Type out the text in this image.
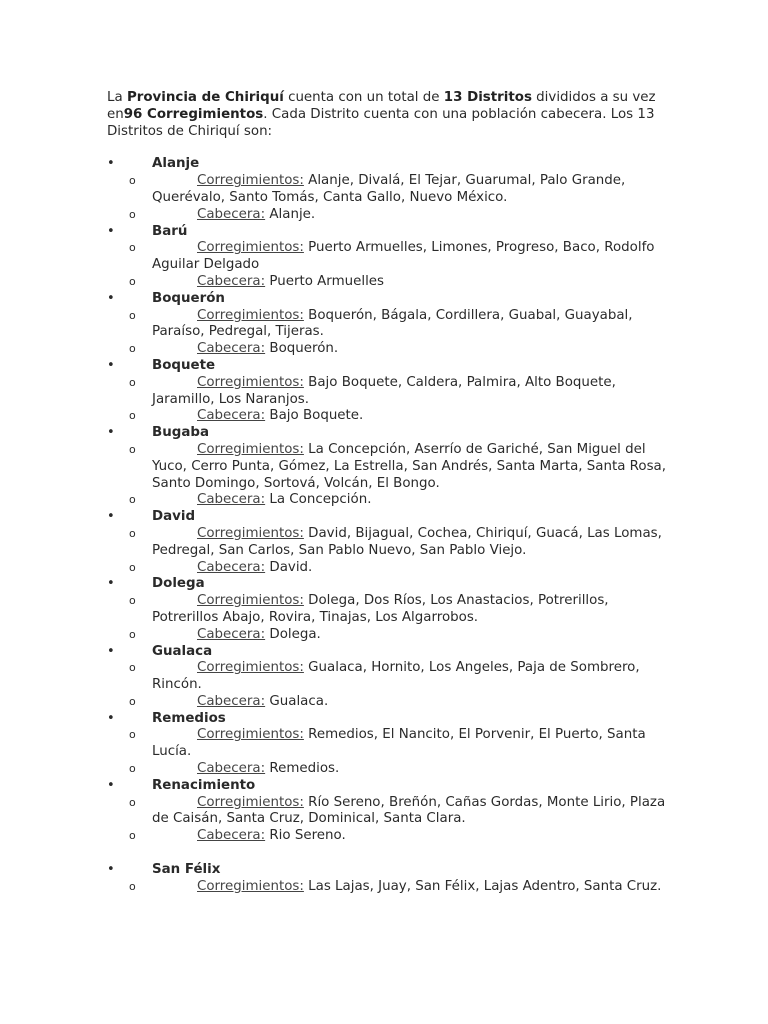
La Provincia de Chiriquí cuenta con un total de 13 Distritos divididos a su vez en96 Corregimientos. Cada Distrito cuenta con una población cabecera. Los 13 Distritos de Chiriquí son:

•	Alanje
o	Corregimientos: Alanje, Divalá, El Tejar, Guarumal, Palo Grande, Querévalo, Santo Tomás, Canta Gallo, Nuevo México.
o	Cabecera: Alanje.
•	Barú
o	Corregimientos: Puerto Armuelles, Limones, Progreso, Baco, Rodolfo Aguilar Delgado
o	Cabecera: Puerto Armuelles
•	Boquerón
o	Corregimientos: Boquerón, Bágala, Cordillera, Guabal, Guayabal, Paraíso, Pedregal, Tijeras.
o	Cabecera: Boquerón.
•	Boquete
o	Corregimientos: Bajo Boquete, Caldera, Palmira, Alto Boquete, Jaramillo, Los Naranjos.
o	Cabecera: Bajo Boquete.
•	Bugaba
o	Corregimientos: La Concepción, Aserrío de Gariché, San Miguel del Yuco, Cerro Punta, Gómez, La Estrella, San Andrés, Santa Marta, Santa Rosa, Santo Domingo, Sortová, Volcán, El Bongo.
o	Cabecera: La Concepción.
•	David
o	Corregimientos: David, Bijagual, Cochea, Chiriquí, Guacá, Las Lomas, Pedregal, San Carlos, San Pablo Nuevo, San Pablo Viejo.
o	Cabecera: David.
•	Dolega
o	Corregimientos: Dolega, Dos Ríos, Los Anastacios, Potrerillos, Potrerillos Abajo, Rovira, Tinajas, Los Algarrobos.
o	Cabecera: Dolega.
•	Gualaca
o	Corregimientos: Gualaca, Hornito, Los Angeles, Paja de Sombrero, Rincón.
o	Cabecera: Gualaca.
•	Remedios
o	Corregimientos: Remedios, El Nancito, El Porvenir, El Puerto, Santa Lucía.
o	Cabecera: Remedios.
•	Renacimiento
o	Corregimientos: Río Sereno, Breñón, Cañas Gordas, Monte Lirio, Plaza de Caisán, Santa Cruz, Dominical, Santa Clara.
o	Cabecera: Rio Sereno.
•	San Félix
o	Corregimientos: Las Lajas, Juay, San Félix, Lajas Adentro, Santa Cruz.
